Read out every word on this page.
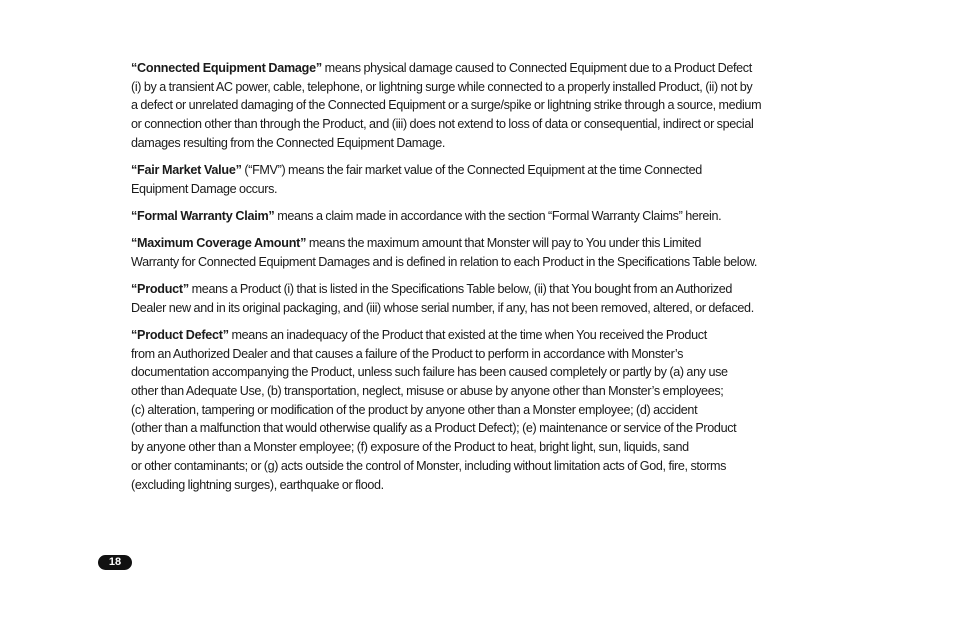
“Connected Equipment Damage” means physical damage caused to Connected Equipment due to a Product Defect
(i) by a transient AC power, cable, telephone, or lightning surge while connected to a properly installed Product, (ii) not by
a defect or unrelated damaging of the Connected Equipment or a surge/spike or lightning strike through a source, medium
or connection other than through the Product, and (iii) does not extend to loss of data or consequential, indirect or special
damages resulting from the Connected Equipment Damage.

“Fair Market Value” (“FMV”) means the fair market value of the Connected Equipment at the time Connected
Equipment Damage occurs.

“Formal Warranty Claim” means a claim made in accordance with the section “Formal Warranty Claims” herein.

“Maximum Coverage Amount” means the maximum amount that Monster will pay to You under this Limited
Warranty for Connected Equipment Damages and is defined in relation to each Product in the Specifications Table below.

“Product” means a Product (i) that is listed in the Specifications Table below, (ii) that You bought from an Authorized
Dealer new and in its original packaging, and (iii) whose serial number, if any, has not been removed, altered, or defaced.

“Product Defect” means an inadequacy of the Product that existed at the time when You received the Product
from an Authorized Dealer and that causes a failure of the Product to perform in accordance with Monster’s
documentation accompanying the Product, unless such failure has been caused completely or partly by (a) any use
other than Adequate Use, (b) transportation, neglect, misuse or abuse by anyone other than Monster’s employees;
(c) alteration, tampering or modification of the product by anyone other than a Monster employee; (d) accident
(other than a malfunction that would otherwise qualify as a Product Defect); (e) maintenance or service of the Product
by anyone other than a Monster employee; (f) exposure of the Product to heat, bright light, sun, liquids, sand
or other contaminants; or (g) acts outside the control of Monster, including without limitation acts of God, fire, storms
(excluding lightning surges), earthquake or flood.

18
